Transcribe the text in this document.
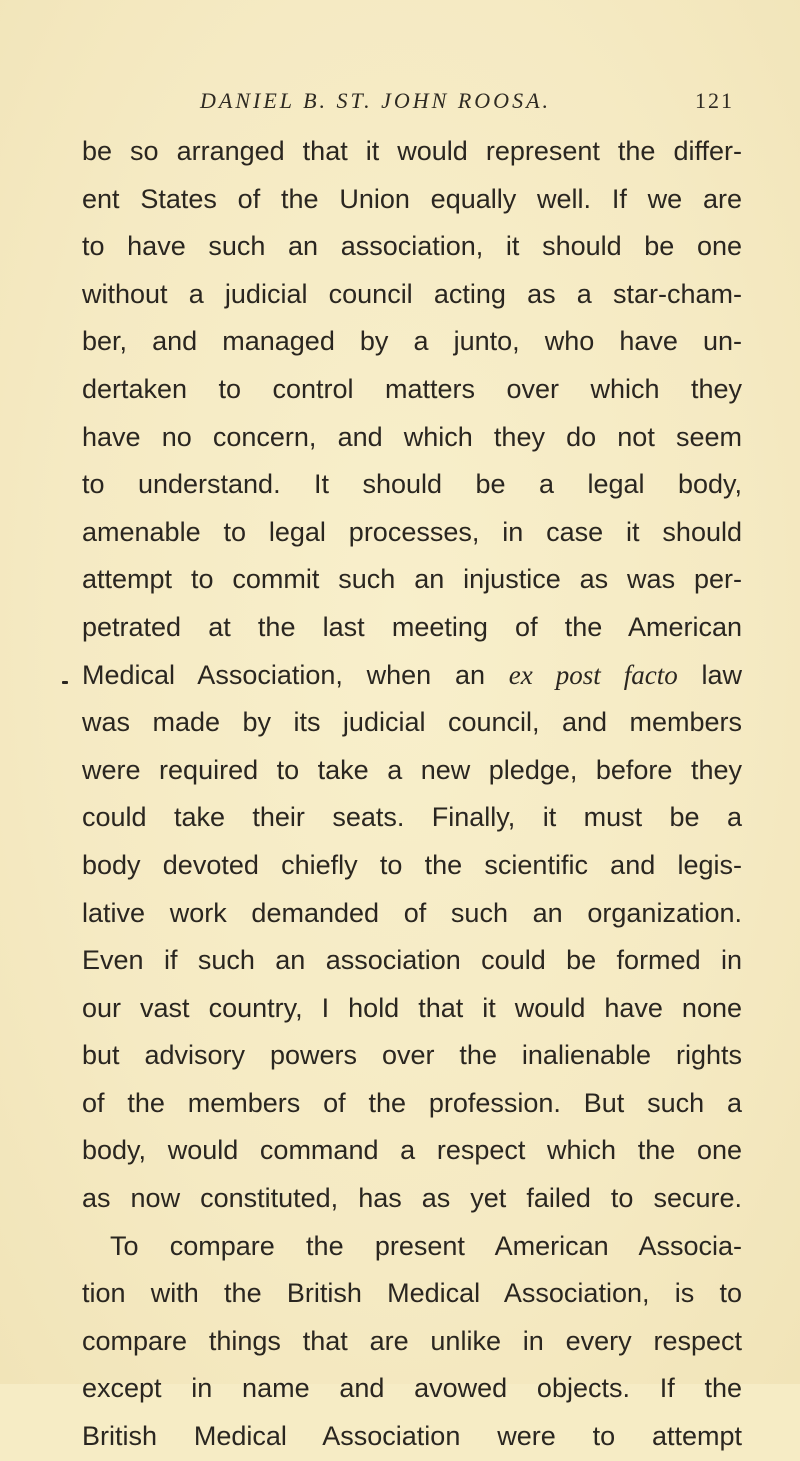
DANIEL B. ST. JOHN ROOSA.	121
be so arranged that it would represent the differ-
ent States of the Union equally well. If we are
to have such an association, it should be one
without a judicial council acting as a star-cham-
ber, and managed by a junto, who have un-
dertaken to control matters over which they
have no concern, and which they do not seem
to understand. It should be a legal body,
amenable to legal processes, in case it should
attempt to commit such an injustice as was per-
petrated at the last meeting of the American
Medical Association, when an ex post facto law
was made by its judicial council, and members
were required to take a new pledge, before they
could take their seats. Finally, it must be a
body devoted chiefly to the scientific and legis-
lative work demanded of such an organization.
Even if such an association could be formed in
our vast country, I hold that it would have none
but advisory powers over the inalienable rights
of the members of the profession. But such a
body, would command a respect which the one
as now constituted, has as yet failed to secure.
To compare the present American Associa-
tion with the British Medical Association, is to
compare things that are unlike in every respect
except in name and avowed objects. If the
British Medical Association were to attempt
